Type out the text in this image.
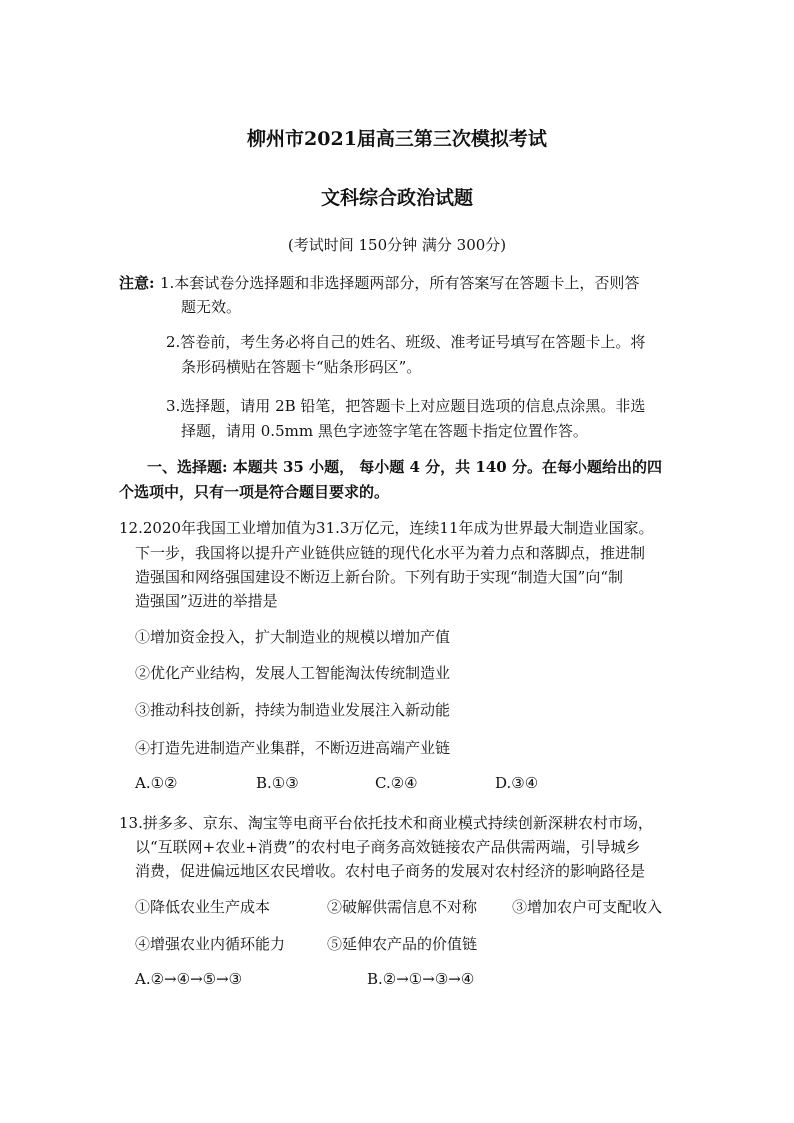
柳州市2021届高三第三次模拟考试
文科综合政治试题
(考试时间 150分钟 满分 300分)
注意: 1.本套试卷分选择题和非选择题两部分，所有答案写在答题卡上，否则答
题无效。
2.答卷前，考生务必将自己的姓名、班级、准考证号填写在答题卡上。将
条形码横贴在答题卡“贴条形码区”。
3.选择题，请用 2B 铅笔，把答题卡上对应题目选项的信息点涂黑。非选
择题，请用 0.5mm 黑色字迹签字笔在答题卡指定位置作答。
一、选择题: 本题共 35 小题， 每小题 4 分，共 140 分。在每小题给出的四
个选项中，只有一项是符合题目要求的。
12.2020年我国工业增加值为31.3万亿元，连续11年成为世界最大制造业国家。
下一步，我国将以提升产业链供应链的现代化水平为着力点和落脚点，推进制
造强国和网络强国建设不断迈上新台阶。下列有助于实现“制造大国”向“制
造强国”迈进的举措是
①增加资金投入，扩大制造业的规模以增加产值
②优化产业结构，发展人工智能淘汰传统制造业
③推动科技创新，持续为制造业发展注入新动能
④打造先进制造产业集群，不断迈进高端产业链
A.①②	B.①③	C.②④	D.③④
13.拼多多、京东、淘宝等电商平台依托技术和商业模式持续创新深耕农村市场，
以“互联网+农业+消费”的农村电子商务高效链接农产品供需两端，引导城乡
消费，促进偏远地区农民增收。农村电子商务的发展对农村经济的影响路径是
①降低农业生产成本	②破解供需信息不对称 ③增加农户可支配收入
④增强农业内循环能力	⑤延伸农产品的价值链
A.②→④→⑤→③	B.②→①→③→④
